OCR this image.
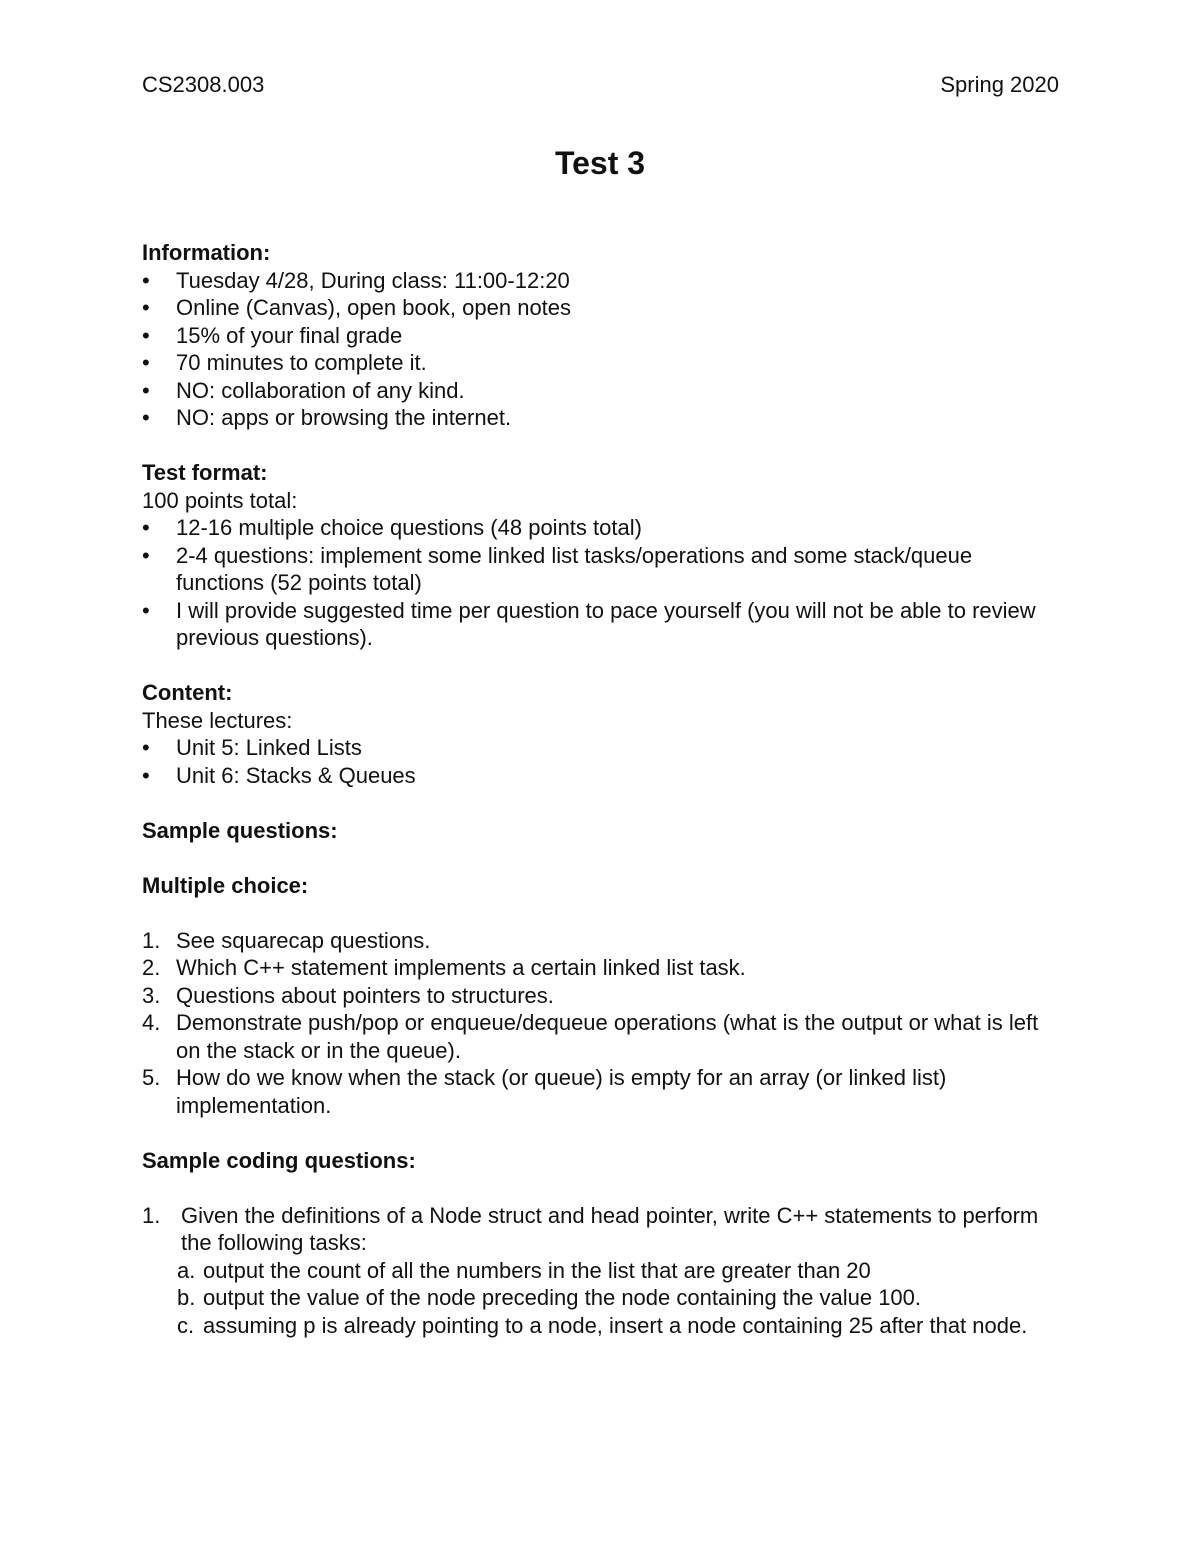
CS2308.003	Spring 2020
Test 3
Information:
• Tuesday 4/28, During class: 11:00-12:20
• Online (Canvas), open book, open notes
• 15% of your final grade
• 70 minutes to complete it.
• NO: collaboration of any kind.
• NO: apps or browsing the internet.
Test format:
100 points total:
• 12-16 multiple choice questions (48 points total)
• 2-4 questions: implement some linked list tasks/operations and some stack/queue functions (52 points total)
• I will provide suggested time per question to pace yourself (you will not be able to review previous questions).
Content:
These lectures:
• Unit 5: Linked Lists
• Unit 6: Stacks & Queues
Sample questions:
Multiple choice:
1. See squarecap questions.
2. Which C++ statement implements a certain linked list task.
3. Questions about pointers to structures.
4. Demonstrate push/pop or enqueue/dequeue operations (what is the output or what is left on the stack or in the queue).
5. How do we know when the stack (or queue) is empty for an array (or linked list) implementation.
Sample coding questions:
1. Given the definitions of a Node struct and head pointer, write C++ statements to perform the following tasks:
a. output the count of all the numbers in the list that are greater than 20
b. output the value of the node preceding the node containing the value 100.
c. assuming p is already pointing to a node, insert a node containing 25 after that node.
